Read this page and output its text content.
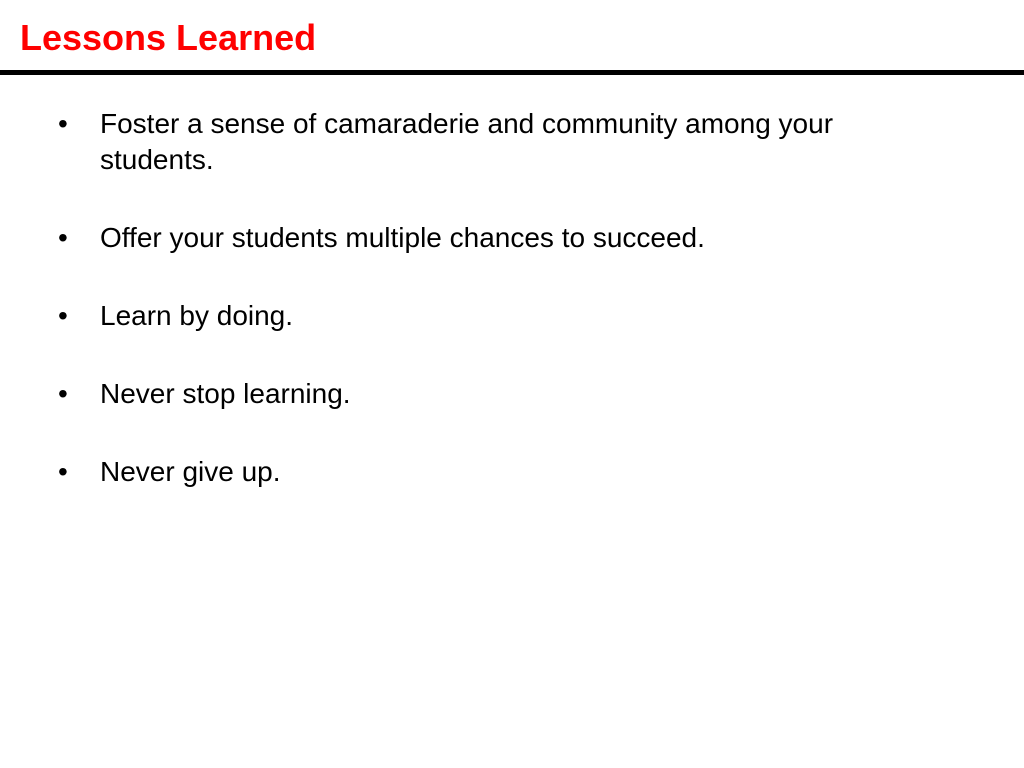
Lessons Learned
•	Foster a sense of camaraderie and community among your students.
•	Offer your students multiple chances to succeed.
•	Learn by doing.
•	Never stop learning.
•	Never give up.
